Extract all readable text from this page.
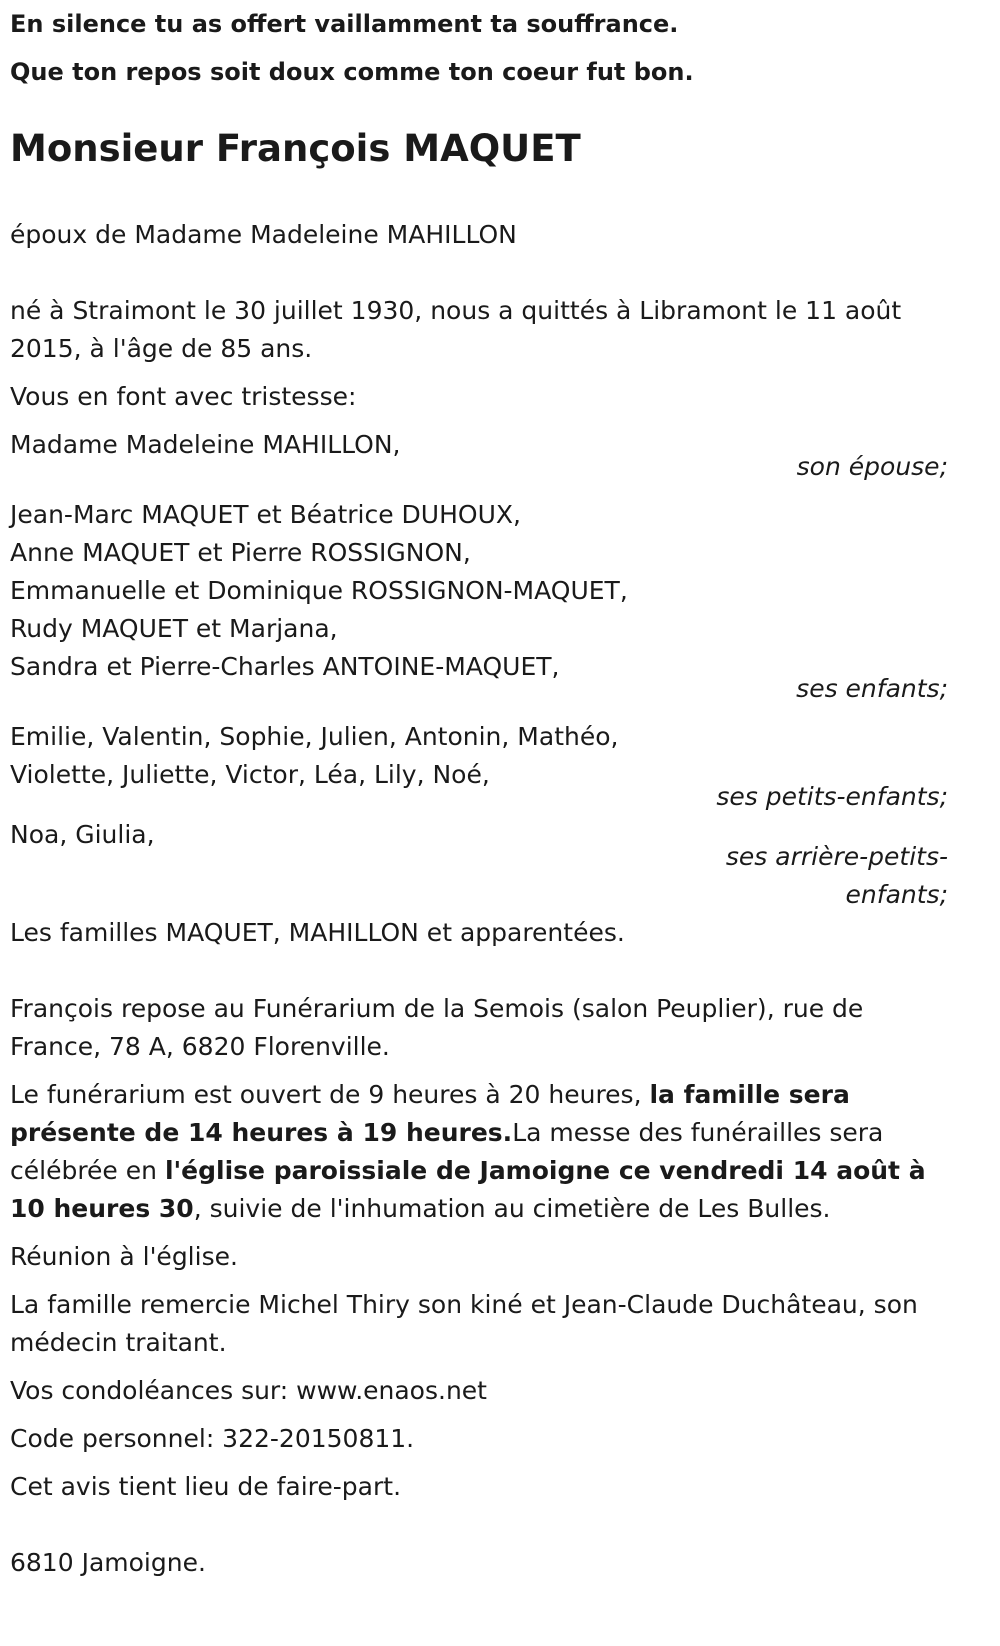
En silence tu as offert vaillamment ta souffrance.

Que ton repos soit doux comme ton coeur fut bon.

Monsieur François MAQUET

époux de Madame Madeleine MAHILLON

né à Straimont le 30 juillet 1930, nous a quittés à Libramont le 11 août 2015, à l'âge de 85 ans.

Vous en font avec tristesse:

Madame Madeleine MAHILLON,

son épouse;

Jean-Marc MAQUET et Béatrice DUHOUX,

Anne MAQUET et Pierre ROSSIGNON,

Emmanuelle et Dominique ROSSIGNON-MAQUET,

Rudy MAQUET et Marjana,

Sandra et Pierre-Charles ANTOINE-MAQUET,

ses enfants;

Emilie, Valentin, Sophie, Julien, Antonin, Mathéo,

Violette, Juliette, Victor, Léa, Lily, Noé,

ses petits-enfants;

Noa, Giulia,

ses arrière-petits-

enfants;

Les familles MAQUET, MAHILLON et apparentées.

François repose au Funérarium de la Semois (salon Peuplier), rue de France, 78 A, 6820 Florenville.

Le funérarium est ouvert de 9 heures à 20 heures, la famille sera présente de 14 heures à 19 heures.La messe des funérailles sera célébrée en l'église paroissiale de Jamoigne ce vendredi 14 août à 10 heures 30, suivie de l'inhumation au cimetière de Les Bulles.

Réunion à l'église.

La famille remercie Michel Thiry son kiné et Jean-Claude Duchâteau, son médecin traitant.

Vos condoléances sur: www.enaos.net

Code personnel: 322-20150811.

Cet avis tient lieu de faire-part.

6810 Jamoigne.
